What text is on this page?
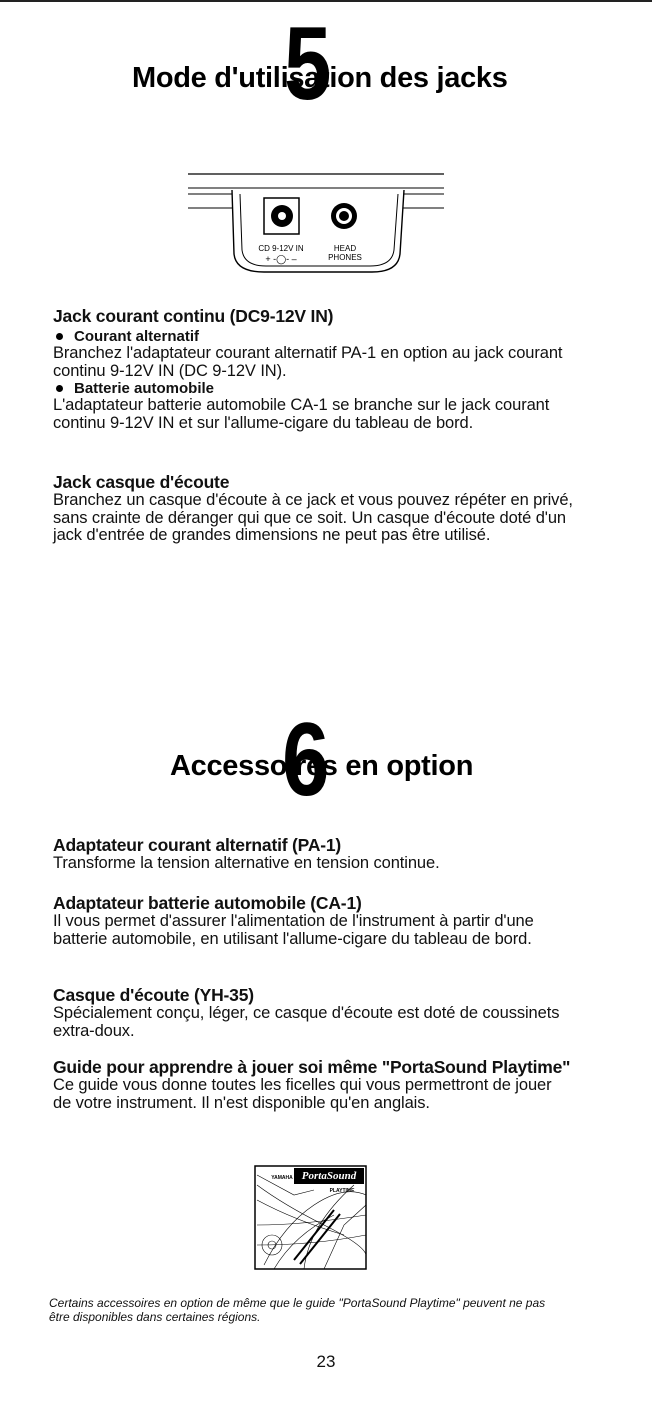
5
Mode d'utilisation des jacks
CD 9-12V IN
+ -◯- –
HEAD
PHONES
Jack courant continu (DC9-12V IN)
Courant alternatif

Branchez l'adaptateur courant alternatif PA-1 en option au jack courant continu 9-12V IN (DC 9-12V IN).

Batterie automobile

L'adaptateur batterie automobile CA-1 se branche sur le jack courant continu 9-12V IN et sur l'allume-cigare du tableau de bord.

Jack casque d'écoute

Branchez un casque d'écoute à ce jack et vous pouvez répéter en privé, sans crainte de déranger qui que ce soit. Un casque d'écoute doté d'un jack d'entrée de grandes dimensions ne peut pas être utilisé.

6
Accessoires en option
Adaptateur courant alternatif (PA-1)

Transforme la tension alternative en tension continue.

Adaptateur batterie automobile (CA-1)

Il vous permet d'assurer l'alimentation de l'instrument à partir d'une batterie automobile, en utilisant l'allume-cigare du tableau de bord.

Casque d'écoute (YH-35)

Spécialement conçu, léger, ce casque d'écoute est doté de coussinets extra-doux.

Guide pour apprendre à jouer soi même "PortaSound Playtime"

Ce guide vous donne toutes les ficelles qui vous permettront de jouer de votre instrument. Il n'est disponible qu'en anglais.

YAMAHA PortaSound
PLAYTIME
Certains accessoires en option de même que le guide "PortaSound Playtime" peuvent ne pas être disponibles dans certaines régions.
23
